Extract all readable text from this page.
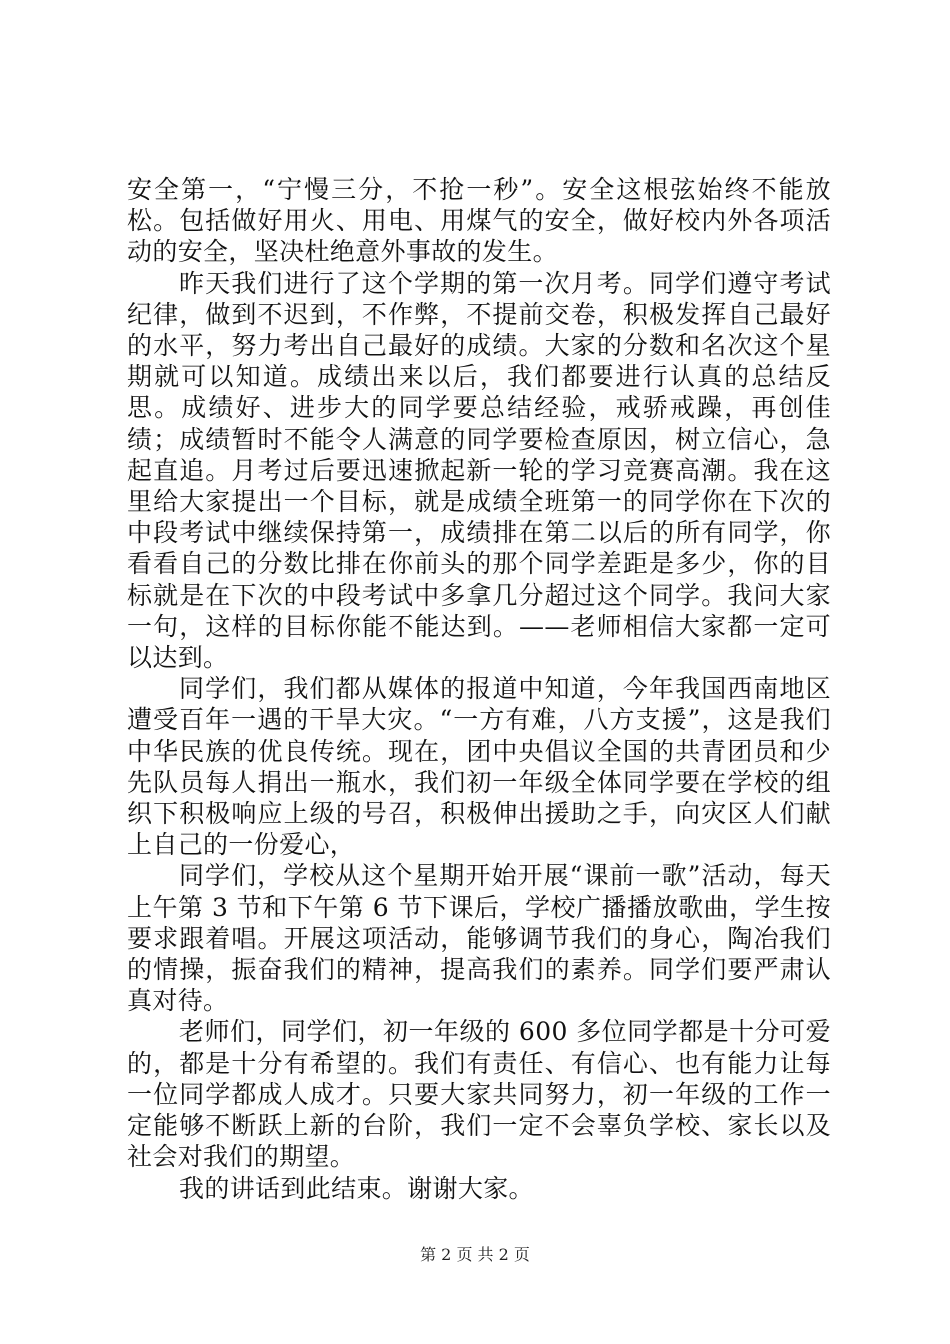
安全第一，“宁慢三分，不抢一秒”。安全这根弦始终不能放松。包括做好用火、用电、用煤气的安全，做好校内外各项活动的安全，坚决杜绝意外事故的发生。

昨天我们进行了这个学期的第一次月考。同学们遵守考试纪律，做到不迟到，不作弊，不提前交卷，积极发挥自己最好的水平，努力考出自己最好的成绩。大家的分数和名次这个星期就可以知道。成绩出来以后，我们都要进行认真的总结反思。成绩好、进步大的同学要总结经验，戒骄戒躁，再创佳绩；成绩暂时不能令人满意的同学要检查原因，树立信心，急起直追。月考过后要迅速掀起新一轮的学习竞赛高潮。我在这里给大家提出一个目标，就是成绩全班第一的同学你在下次的中段考试中继续保持第一，成绩排在第二以后的所有同学，你看看自己的分数比排在你前头的那个同学差距是多少，你的目标就是在下次的中段考试中多拿几分超过这个同学。我问大家一句，这样的目标你能不能达到。——老师相信大家都一定可以达到。

同学们，我们都从媒体的报道中知道，今年我国西南地区遭受百年一遇的干旱大灾。“一方有难，八方支援”，这是我们中华民族的优良传统。现在，团中央倡议全国的共青团员和少先队员每人捐出一瓶水，我们初一年级全体同学要在学校的组织下积极响应上级的号召，积极伸出援助之手，向灾区人们献上自己的一份爱心，

同学们，学校从这个星期开始开展“课前一歌”活动，每天上午第 3 节和下午第 6 节下课后，学校广播播放歌曲，学生按要求跟着唱。开展这项活动，能够调节我们的身心，陶冶我们的情操，振奋我们的精神，提高我们的素养。同学们要严肃认真对待。

老师们，同学们，初一年级的 600 多位同学都是十分可爱的，都是十分有希望的。我们有责任、有信心、也有能力让每一位同学都成人成才。只要大家共同努力，初一年级的工作一定能够不断跃上新的台阶，我们一定不会辜负学校、家长以及社会对我们的期望。

我的讲话到此结束。谢谢大家。

第 2 页 共 2 页
